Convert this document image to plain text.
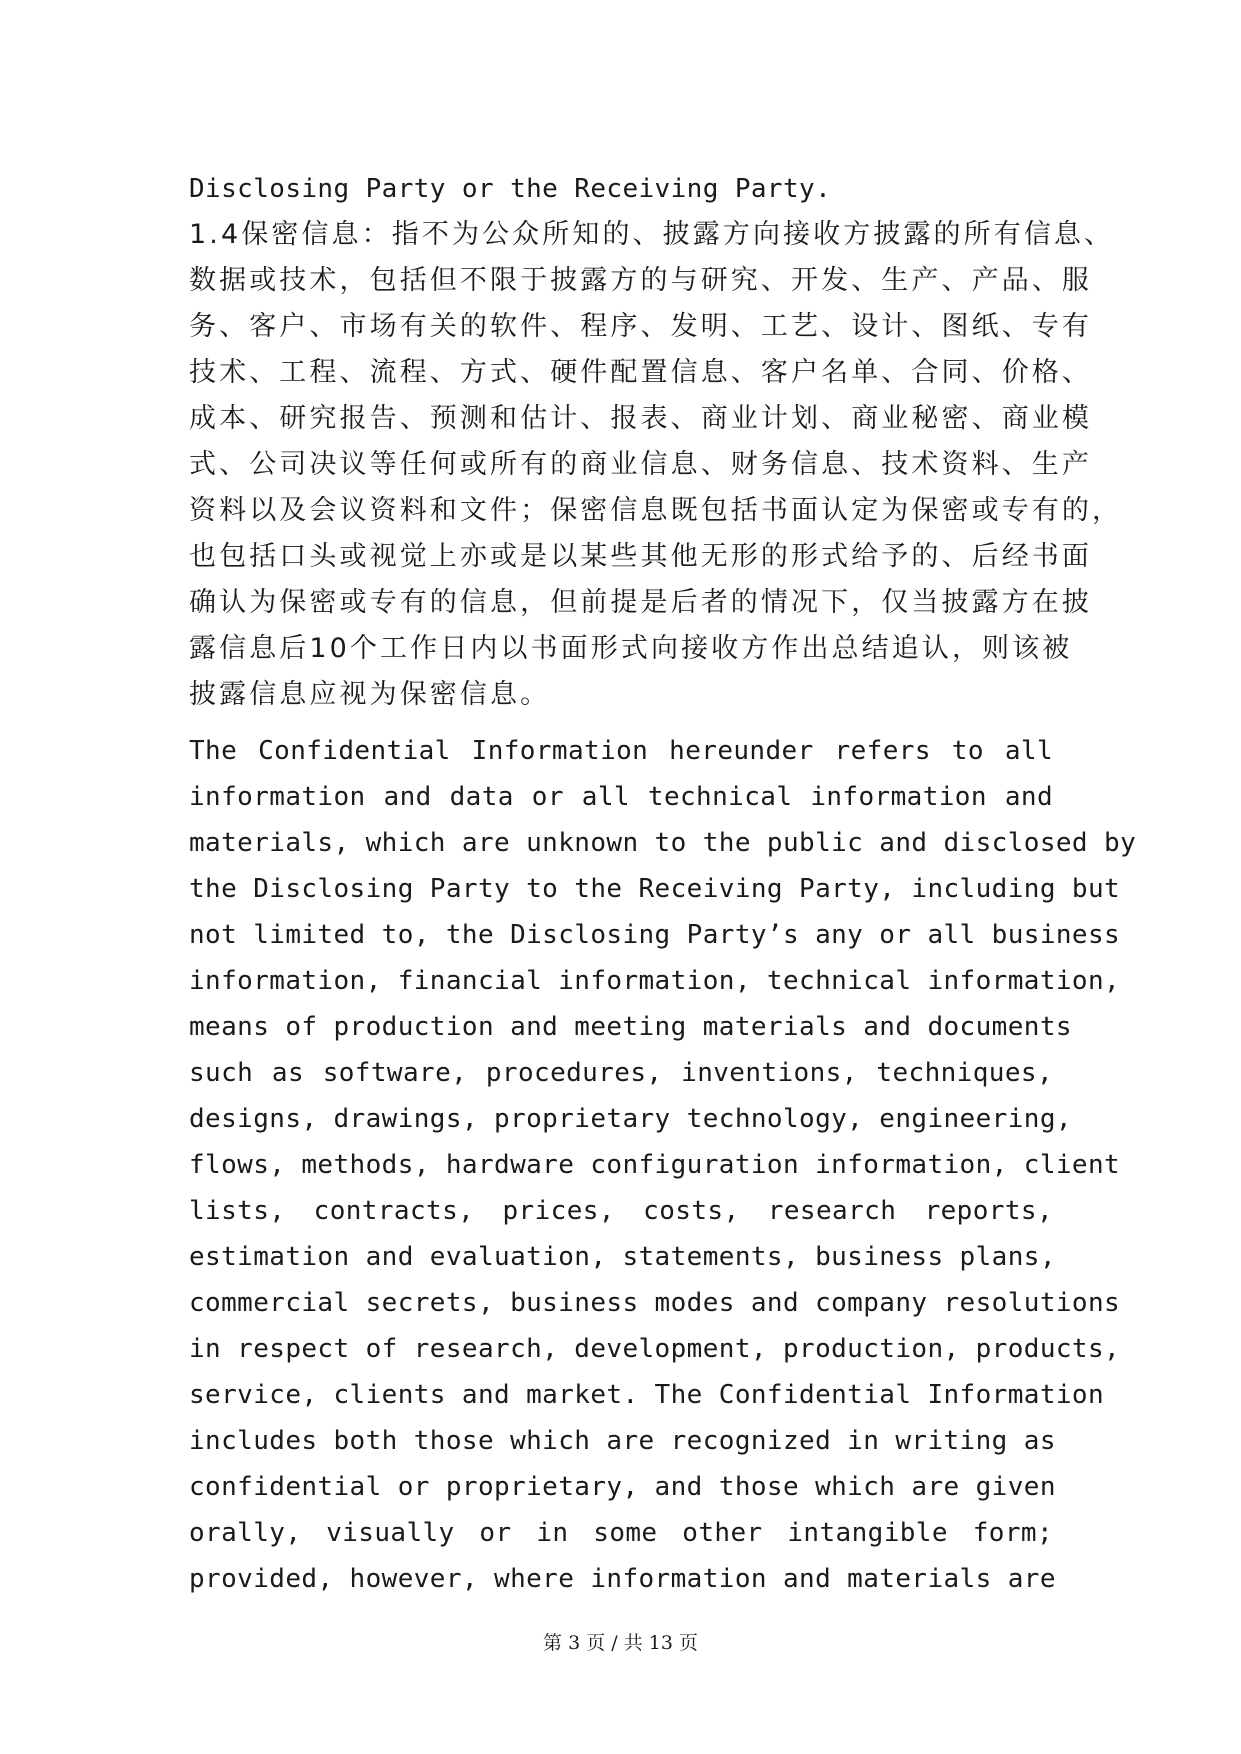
Disclosing Party or the Receiving Party.
1.4保密信息：指不为公众所知的、披露方向接收方披露的所有信息、
数据或技术，包括但不限于披露方的与研究、开发、生产、产品、服
务、客户、市场有关的软件、程序、发明、工艺、设计、图纸、专有
技术、工程、流程、方式、硬件配置信息、客户名单、合同、价格、
成本、研究报告、预测和估计、报表、商业计划、商业秘密、商业模
式、公司决议等任何或所有的商业信息、财务信息、技术资料、生产
资料以及会议资料和文件；保密信息既包括书面认定为保密或专有的，
也包括口头或视觉上亦或是以某些其他无形的形式给予的、后经书面
确认为保密或专有的信息，但前提是后者的情况下，仅当披露方在披
露信息后10个工作日内以书面形式向接收方作出总结追认，则该被
披露信息应视为保密信息。
The Confidential Information hereunder refers to all
information and data or all technical information and
materials, which are unknown to the public and disclosed by
the Disclosing Party to the Receiving Party, including but
not limited to, the Disclosing Party’s any or all business
information, financial information, technical information,
means of production and meeting materials and documents
such as software, procedures, inventions, techniques,
designs, drawings, proprietary technology, engineering,
flows, methods, hardware configuration information, client
lists, contracts, prices, costs, research reports,
estimation and evaluation, statements, business plans,
commercial secrets, business modes and company resolutions
in respect of research, development, production, products,
service, clients and market. The Confidential Information
includes both those which are recognized in writing as
confidential or proprietary, and those which are given
orally, visually or in some other intangible form;
provided, however, where information and materials are
第 3 页 / 共 13 页
